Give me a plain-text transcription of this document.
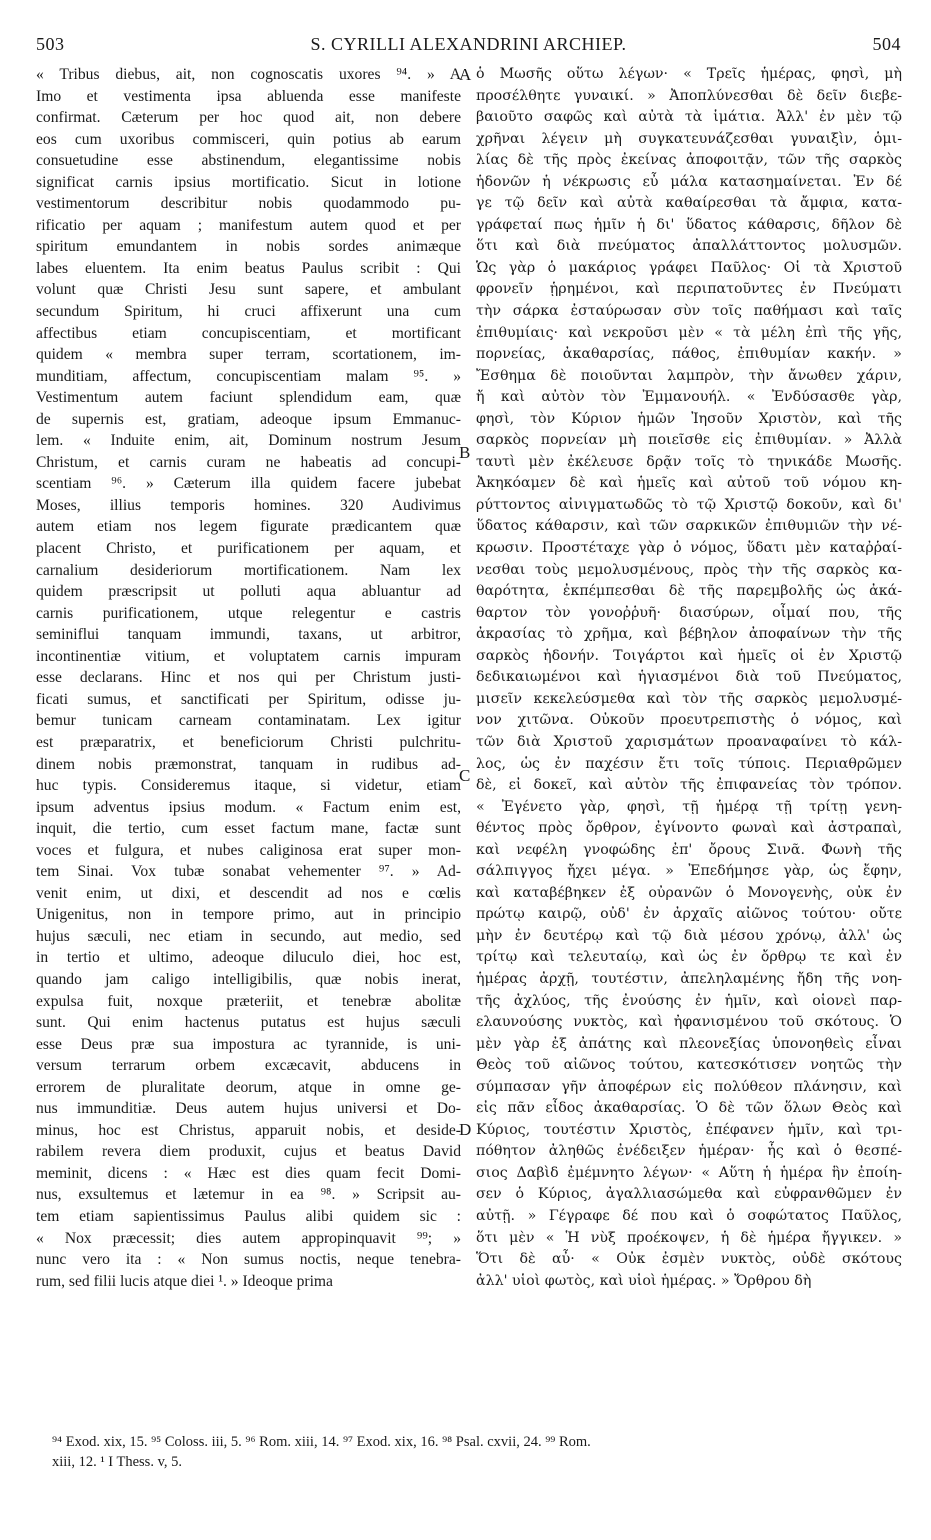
503	S. CYRILLI ALEXANDRINI ARCHIEP.	504
« Tribus diebus, ait, non cognoscatis uxores ⁹⁴. » A
Imo et vestimenta ipsa abluenda esse manifeste
confirmat. Cæterum per hoc quod ait, non debere
eos cum uxoribus commisceri, quin potius ab earum
consuetudine esse abstinendum, elegantissime nobis
significat carnis ipsius mortificatio. Sicut in lotione
vestimentorum describitur nobis quodammodo pu-
rificatio per aquam ; manifestum autem quod et per
spiritum emundantem in nobis sordes animæque
labes eluentem. Ita enim beatus Paulus scribit : Qui
volunt quæ Christi Jesu sunt sapere, et ambulant
secundum Spiritum, hi cruci affixerunt una cum
affectibus etiam concupiscentiam, et mortificant
quidem « membra super terram, scortationem, im-
munditiam, affectum, concupiscentiam malam ⁹⁵. »
Vestimentum autem faciunt splendidum eam, quæ
de supernis est, gratiam, adeoque ipsum Emmanuc-
lem. « Induite enim, ait, Dominum nostrum Jesum
Christum, et carnis curam ne habeatis ad concupi-
scentiam ⁹⁶. » Cæterum illa quidem facere jubebat
Moses, illius temporis homines. 320 Audivimus
autem etiam nos legem figurate prædicantem quæ
placent Christo, et purificationem per aquam, et
carnalium desideriorum mortificationem. Nam lex
quidem præscripsit ut polluti aqua abluantur ad
carnis purificationem, utque relegentur e castris
seminiflui tanquam immundi, taxans, ut arbitror,
incontinentiæ vitium, et voluptatem carnis impuram
esse declarans. Hinc et nos qui per Christum justi-
ficati sumus, et sanctificati per Spiritum, odisse ju-
bemur tunicam carneam contaminatam. Lex igitur
est præparatrix, et beneficiorum Christi pulchritu-
dinem nobis præmonstrat, tanquam in rudibus ad-
huc typis. Consideremus itaque, si videtur, etiam
ipsum adventus ipsius modum. « Factum enim est,
inquit, die tertio, cum esset factum mane, factæ sunt
voces et fulgura, et nubes caliginosa erat super mon-
tem Sinai. Vox tubæ sonabat vehementer ⁹⁷. » Ad-
venit enim, ut dixi, et descendit ad nos e cœlis
Unigenitus, non in tempore primo, aut in principio
hujus sæculi, nec etiam in secundo, aut medio, sed
in tertio et ultimo, adeoque diluculo diei, hoc est,
quando jam caligo intelligibilis, quæ nobis inerat,
expulsa fuit, noxque præteriit, et tenebræ abolitæ
sunt. Qui enim hactenus putatus est hujus sæculi
esse Deus præ sua impostura ac tyrannide, is uni-
versum terrarum orbem excæcavit, abducens in
errorem de pluralitate deorum, atque in omne ge-
nus immunditiæ. Deus autem hujus universi et Do-
minus, hoc est Christus, apparuit nobis, et deside-
rabilem revera diem produxit, cujus et beatus David
meminit, dicens : « Hæc est dies quam fecit Domi-
nus, exsultemus et lætemur in ea ⁹⁸. » Scripsit au-
tem etiam sapientissimus Paulus alibi quidem sic :
« Nox præcessit; dies autem appropinquavit ⁹⁹; »
nunc vero ita : « Non sumus noctis, neque tenebra-
rum, sed filii lucis atque diei ¹. » Ideoque prima
ὁ Μωσῆς οὕτω λέγων· « Τρεῖς ἡμέρας, φησὶ, μὴ
προσέλθητε γυναικί. » Ἀποπλύνεσθαι δὲ δεῖν διεβε-
βαιοῦτο σαφῶς καὶ αὐτὰ τὰ ἱμάτια. Ἀλλ' ἐν μὲν τῷ
χρῆναι λέγειν μὴ συγκατευνάζεσθαι γυναιξὶν, ὁμι-
λίας δὲ τῆς πρὸς ἐκείνας ἀποφοιτᾷν, τῶν τῆς σαρκὸς
ἡδονῶν ἡ νέκρωσις εὖ μάλα κατασημαίνεται. Ἐν δέ
γε τῷ δεῖν καὶ αὐτὰ καθαίρεσθαι τὰ ἄμφια, κατα-
γράφεταί πως ἡμῖν ἡ δι' ὕδατος κάθαρσις, δῆλον δὲ
ὅτι καὶ διὰ πνεύματος ἀπαλλάττοντος μολυσμῶν.
Ὡς γὰρ ὁ μακάριος γράφει Παῦλος· Οἱ τὰ Χριστοῦ
φρονεῖν ᾑρημένοι, καὶ περιπατοῦντες ἐν Πνεύματι
τὴν σάρκα ἐσταύρωσαν σὺν τοῖς παθήμασι καὶ ταῖς
ἐπιθυμίαις· καὶ νεκροῦσι μὲν « τὰ μέλη ἐπὶ τῆς γῆς,
πορνείας, ἀκαθαρσίας, πάθος, ἐπιθυμίαν κακήν. »
Ἔσθημα δὲ ποιοῦνται λαμπρὸν, τὴν ἄνωθεν χάριν,
ἤ καὶ αὐτὸν τὸν Ἐμμανουήλ. « Ἐνδύσασθε γὰρ,
φησὶ, τὸν Κύριον ἡμῶν Ἰησοῦν Χριστὸν, καὶ τῆς
σαρκὸς πορνείαν μὴ ποιεῖσθε εἰς ἐπιθυμίαν. » Ἀλλὰ
ταυτὶ μὲν ἐκέλευσε δρᾷν τοῖς τὸ τηνικάδε Μωσῆς.
Ἀκηκόαμεν δὲ καὶ ἡμεῖς καὶ αὐτοῦ τοῦ νόμου κη-
ρύττοντος αἰνιγματωδῶς τὸ τῷ Χριστῷ δοκοῦν, καὶ δι'
ὕδατος κάθαρσιν, καὶ τῶν σαρκικῶν ἐπιθυμιῶν τὴν νέ-
κρωσιν. Προστέταχε γὰρ ὁ νόμος, ὕδατι μὲν καταῤῥαί-
νεσθαι τοὺς μεμολυσμένους, πρὸς τὴν τῆς σαρκὸς κα-
θαρότητα, ἐκπέμπεσθαι δὲ τῆς παρεμβολῆς ὡς ἀκά-
θαρτον τὸν γονοῤῥυῆ· διασύρων, οἶμαί που, τῆς
ἀκρασίας τὸ χρῆμα, καὶ βέβηλον ἀποφαίνων τὴν τῆς
σαρκὸς ἡδονήν. Τοιγάρτοι καὶ ἡμεῖς οἱ ἐν Χριστῷ
δεδικαιωμένοι καὶ ἡγιασμένοι διὰ τοῦ Πνεύματος,
μισεῖν κεκελεύσμεθα καὶ τὸν τῆς σαρκὸς μεμολυσμέ-
νον χιτῶνα. Οὐκοῦν προευτρεπιστὴς ὁ νόμος, καὶ
τῶν διὰ Χριστοῦ χαρισμάτων προαναφαίνει τὸ κάλ-
λος, ὡς ἐν παχέσιν ἔτι τοῖς τύποις. Περιαθρῶμεν
δὲ, εἰ δοκεῖ, καὶ αὐτὸν τῆς ἐπιφανείας τὸν τρόπον.
« Ἐγένετο γὰρ, φησὶ, τῇ ἡμέρᾳ τῇ τρίτῃ γενη-
θέντος πρὸς ὄρθρον, ἐγίνοντο φωναὶ καὶ ἀστραπαὶ,
καὶ νεφέλη γνοφώδης ἐπ' ὄρους Σινᾶ. Φωνὴ τῆς
σάλπιγγος ἤχει μέγα. » Ἐπεδήμησε γὰρ, ὡς ἔφην,
καὶ καταβέβηκεν ἐξ οὐρανῶν ὁ Μονογενὴς, οὐκ ἐν
πρώτῳ καιρῷ, οὐδ' ἐν ἀρχαῖς αἰῶνος τούτου· οὔτε
μὴν ἐν δευτέρῳ καὶ τῷ διὰ μέσου χρόνῳ, ἀλλ' ὡς
τρίτῳ καὶ τελευταίῳ, καὶ ὡς ἐν ὄρθρῳ τε καὶ ἐν
ἡμέρας ἀρχῇ, τουτέστιν, ἀπεληλαμένης ἤδη τῆς νοη-
τῆς ἀχλύος, τῆς ἐνούσης ἐν ἡμῖν, καὶ οἱονεὶ παρ-
ελαυνούσης νυκτὸς, καὶ ἠφανισμένου τοῦ σκότους. Ὁ
μὲν γὰρ ἐξ ἀπάτης καὶ πλεονεξίας ὑπονοηθεὶς εἶναι
Θεὸς τοῦ αἰῶνος τούτου, κατεσκότισεν νοητῶς τὴν
σύμπασαν γῆν ἀποφέρων εἰς πολύθεον πλάνησιν, καὶ
εἰς πᾶν εἶδος ἀκαθαρσίας. Ὁ δὲ τῶν ὅλων Θεὸς καὶ
Κύριος, τουτέστιν Χριστὸς, ἐπέφανεν ἡμῖν, καὶ τρι-
πόθητον ἀληθῶς ἐνέδειξεν ἡμέραν· ἧς καὶ ὁ θεσπέ-
σιος Δαβὶδ ἐμέμνητο λέγων· « Αὕτη ἡ ἡμέρα ἣν ἐποίη-
σεν ὁ Κύριος, ἀγαλλιασώμεθα καὶ εὐφρανθῶμεν ἐν
αὐτῇ. » Γέγραφε δέ που καὶ ὁ σοφώτατος Παῦλος,
ὅτι μὲν « Ἡ νὺξ προέκοψεν, ἡ δὲ ἡμέρα ἤγγικεν. »
Ὅτι δὲ αὖ· « Οὐκ ἐσμὲν νυκτὸς, οὐδὲ σκότους
ἀλλ' υἱοὶ φωτὸς, καὶ υἱοὶ ἡμέρας. » Ὄρθρου δὴ
A
B
C
D
⁹⁴ Exod. xix, 15. ⁹⁵ Coloss. iii, 5. ⁹⁶ Rom. xiii, 14. ⁹⁷ Exod. xix, 16. ⁹⁸ Psal. cxvii, 24. ⁹⁹ Rom.
xiii, 12. ¹ I Thess. v, 5.
